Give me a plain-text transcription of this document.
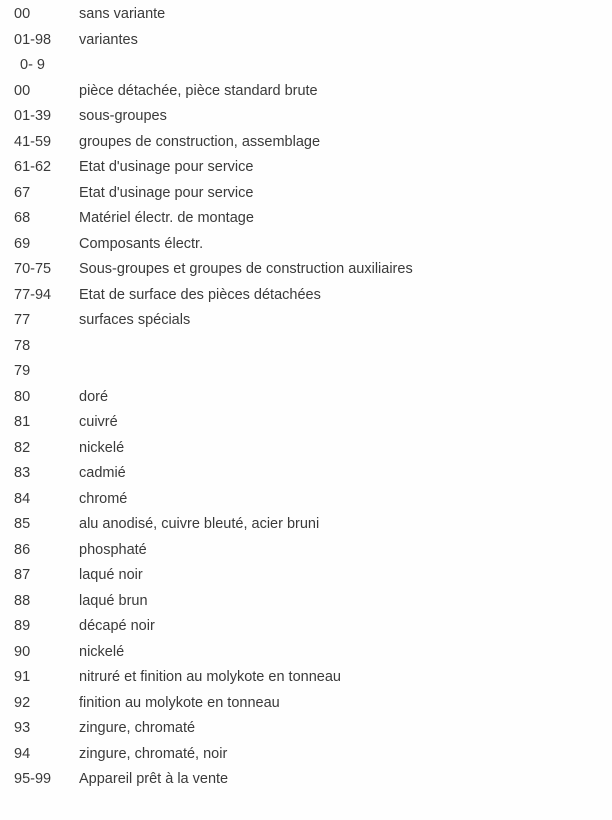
00	sans variante
01-98 variantes
0- 9
00	pièce détachée, pièce standard brute
01-39 sous-groupes
41-59 groupes de construction, assemblage
61-62 Etat d'usinage pour service
67	Etat d'usinage pour service
68	Matériel électr. de montage
69	Composants électr.
70-75 Sous-groupes et groupes de construction auxiliaires
77-94 Etat de surface des pièces détachées
77	surfaces spécials
78
79
80	doré
81	cuivré
82	nickelé
83	cadmié
84	chromé
85	alu anodisé, cuivre bleuté, acier bruni
86	phosphaté
87	laqué noir
88	laqué brun
89	décapé noir
90	nickelé
91	nitruré et finition au molykote en tonneau
92	finition au molykote en tonneau
93	zingure, chromaté
94	zingure, chromaté, noir
95-99 Appareil prêt à la vente
